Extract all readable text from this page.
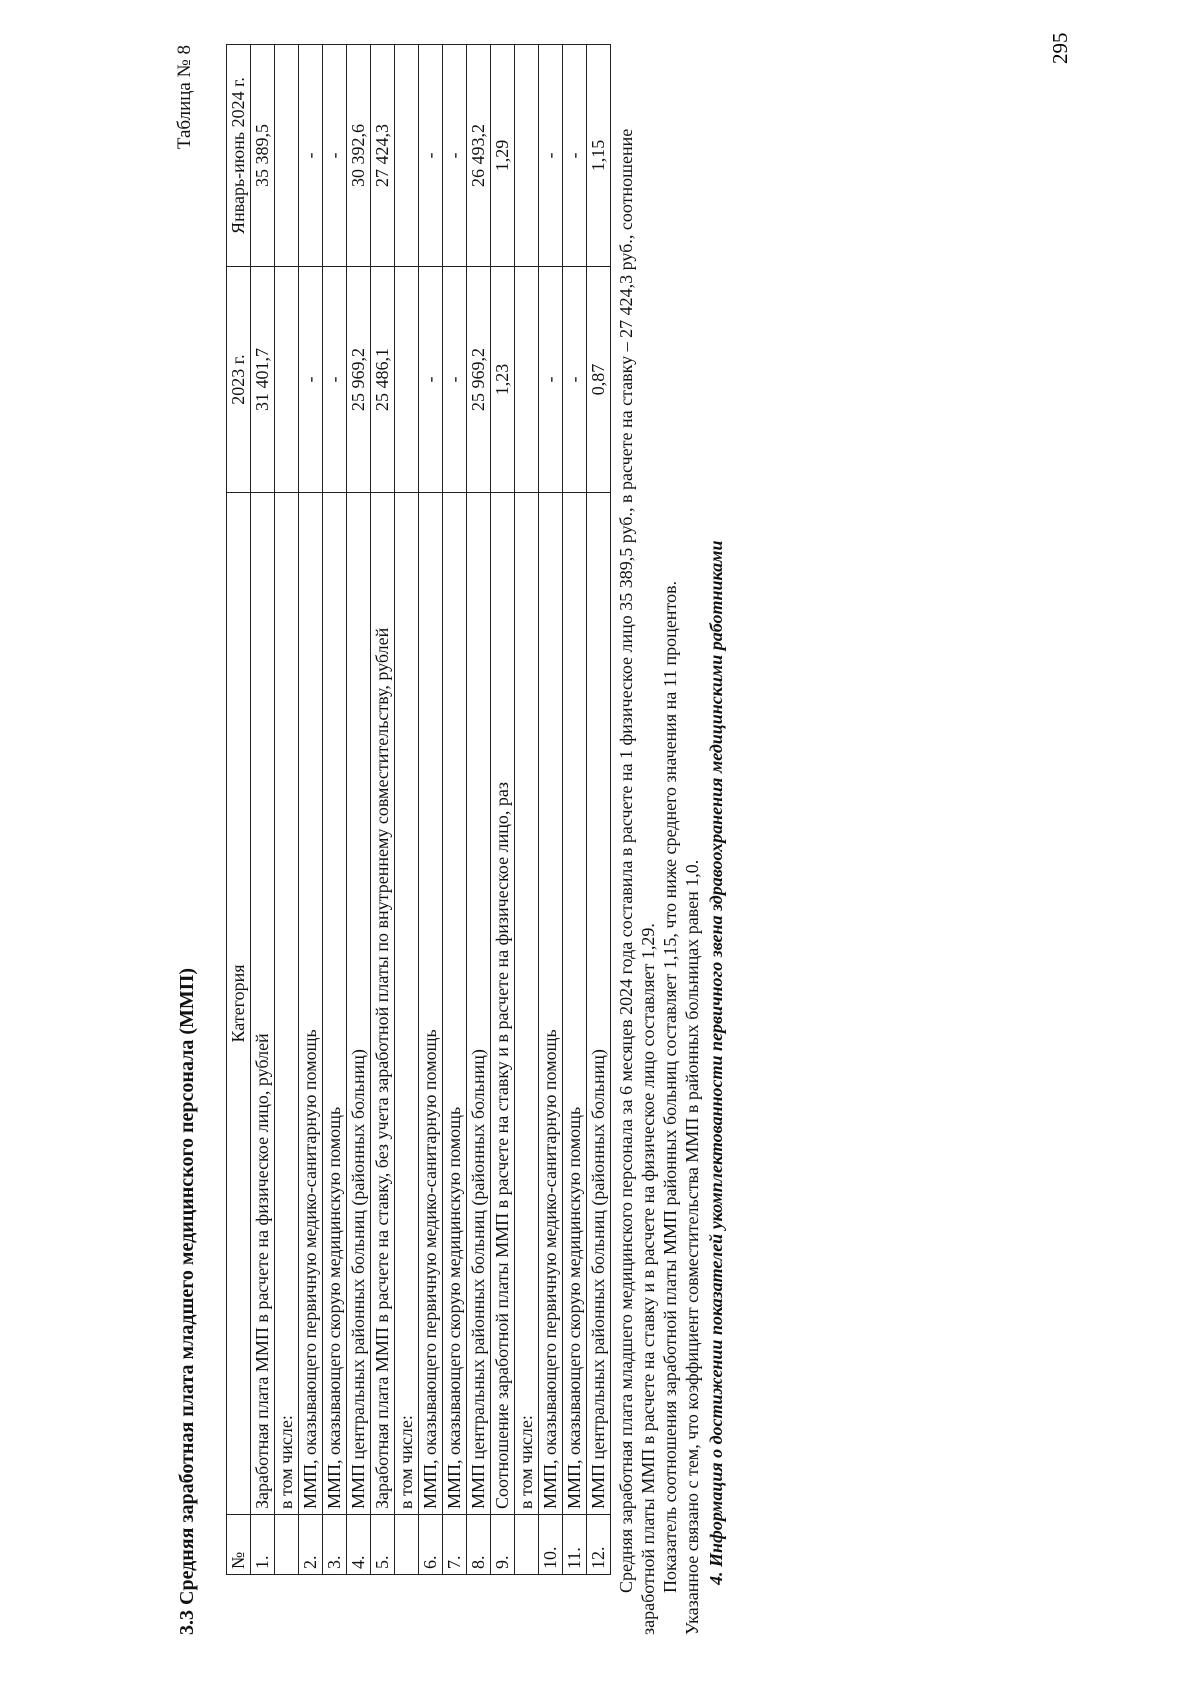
3.3 Средняя заработная плата младшего медицинского персонала (ММП)
Таблица № 8
№	Категория	2023 г.	Январь-июнь 2024 г.
1.	Заработная плата ММП в расчете на физическое лицо, рублей	31 401,7	35 389,5
	в том числе:		
2.	ММП, оказывающего первичную медико-санитарную помощь	-	-
3.	ММП, оказывающего скорую медицинскую помощь	-	-
4.	ММП центральных районных больниц (районных больниц)	25 969,2	30 392,6
5.	Заработная плата ММП в расчете на ставку, без учета заработной платы по внутреннему совместительству, рублей	25 486,1	27 424,3
	в том числе:		
6.	ММП, оказывающего первичную медико-санитарную помощь	-	-
7.	ММП, оказывающего скорую медицинскую помощь	-	-
8.	ММП центральных районных больниц (районных больниц)	25 969,2	26 493,2
9.	Соотношение заработной платы ММП в расчете на ставку и в расчете на физическое лицо, раз	1,23	1,29
	в том числе:		
10.	ММП, оказывающего первичную медико-санитарную помощь	-	-
11.	ММП, оказывающего скорую медицинскую помощь	-	-
12.	ММП центральных районных больниц (районных больниц)	0,87	1,15 Средняя заработная плата младшего медицинского персонала за 6 месяцев 2024 года составила в расчете на 1 физическое лицо 35 389,5 руб., в расчете на ставку – 27 424,3 руб., соотношение заработной платы ММП в расчете на ставку и в расчете на физическое лицо составляет 1,29. Показатель соотношения заработной платы ММП районных больниц составляет 1,15, что ниже среднего значения на 11 процентов. Указанное связано с тем, что коэффициент совместительства ММП в районных больницах равен 1,0. 4. Информация о достижении показателей укомплектованности первичного звена здравоохранения медицинскими работниками

295
